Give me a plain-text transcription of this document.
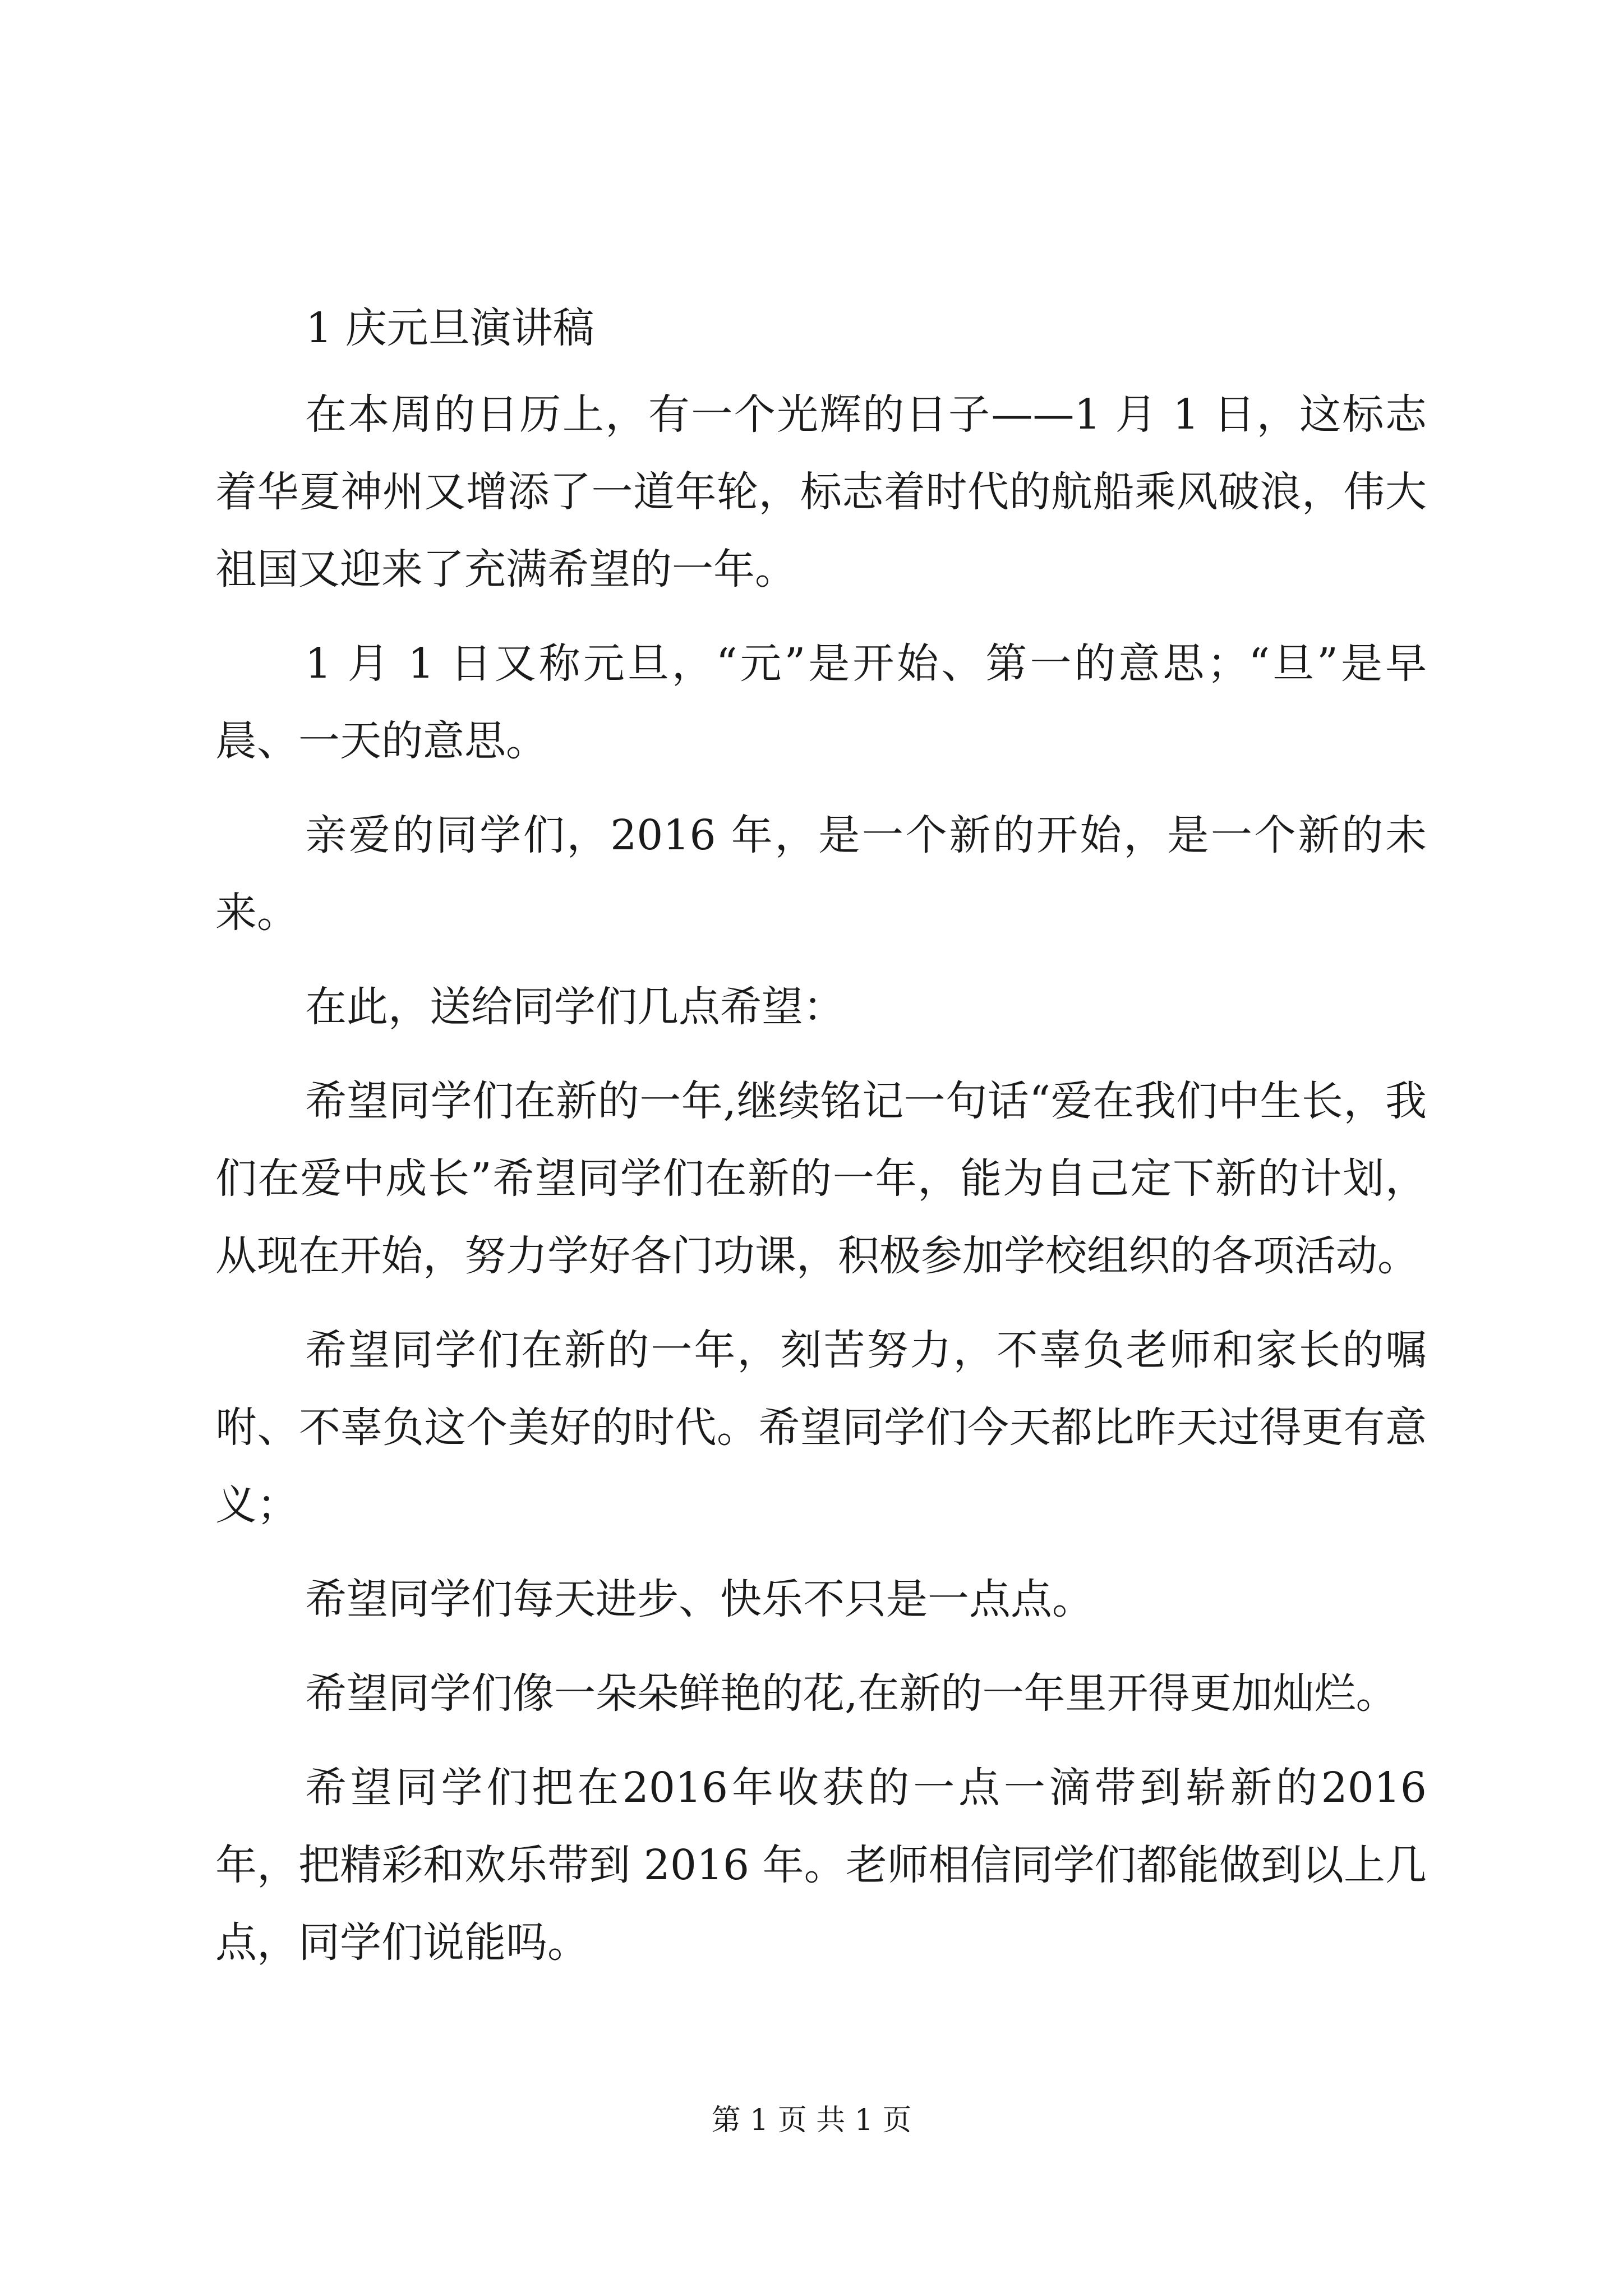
1 庆元旦演讲稿

在本周的日历上，有一个光辉的日子——1 月 1 日，这标志着华夏神州又增添了一道年轮，标志着时代的航船乘风破浪，伟大祖国又迎来了充满希望的一年。

1 月 1 日又称元旦，“元”是开始、第一的意思；“旦”是早晨、一天的意思。

亲爱的同学们，2016 年，是一个新的开始，是一个新的未来。

在此，送给同学们几点希望：

希望同学们在新的一年,继续铭记一句话“爱在我们中生长，我们在爱中成长”希望同学们在新的一年，能为自己定下新的计划，从现在开始，努力学好各门功课，积极参加学校组织的各项活动。

希望同学们在新的一年，刻苦努力，不辜负老师和家长的嘱咐、不辜负这个美好的时代。希望同学们今天都比昨天过得更有意义；

希望同学们每天进步、快乐不只是一点点。

希望同学们像一朵朵鲜艳的花,在新的一年里开得更加灿烂。

希望同学们把在2016年收获的一点一滴带到崭新的2016年，把精彩和欢乐带到 2016 年。老师相信同学们都能做到以上几点，同学们说能吗。

第 1 页 共 1 页
